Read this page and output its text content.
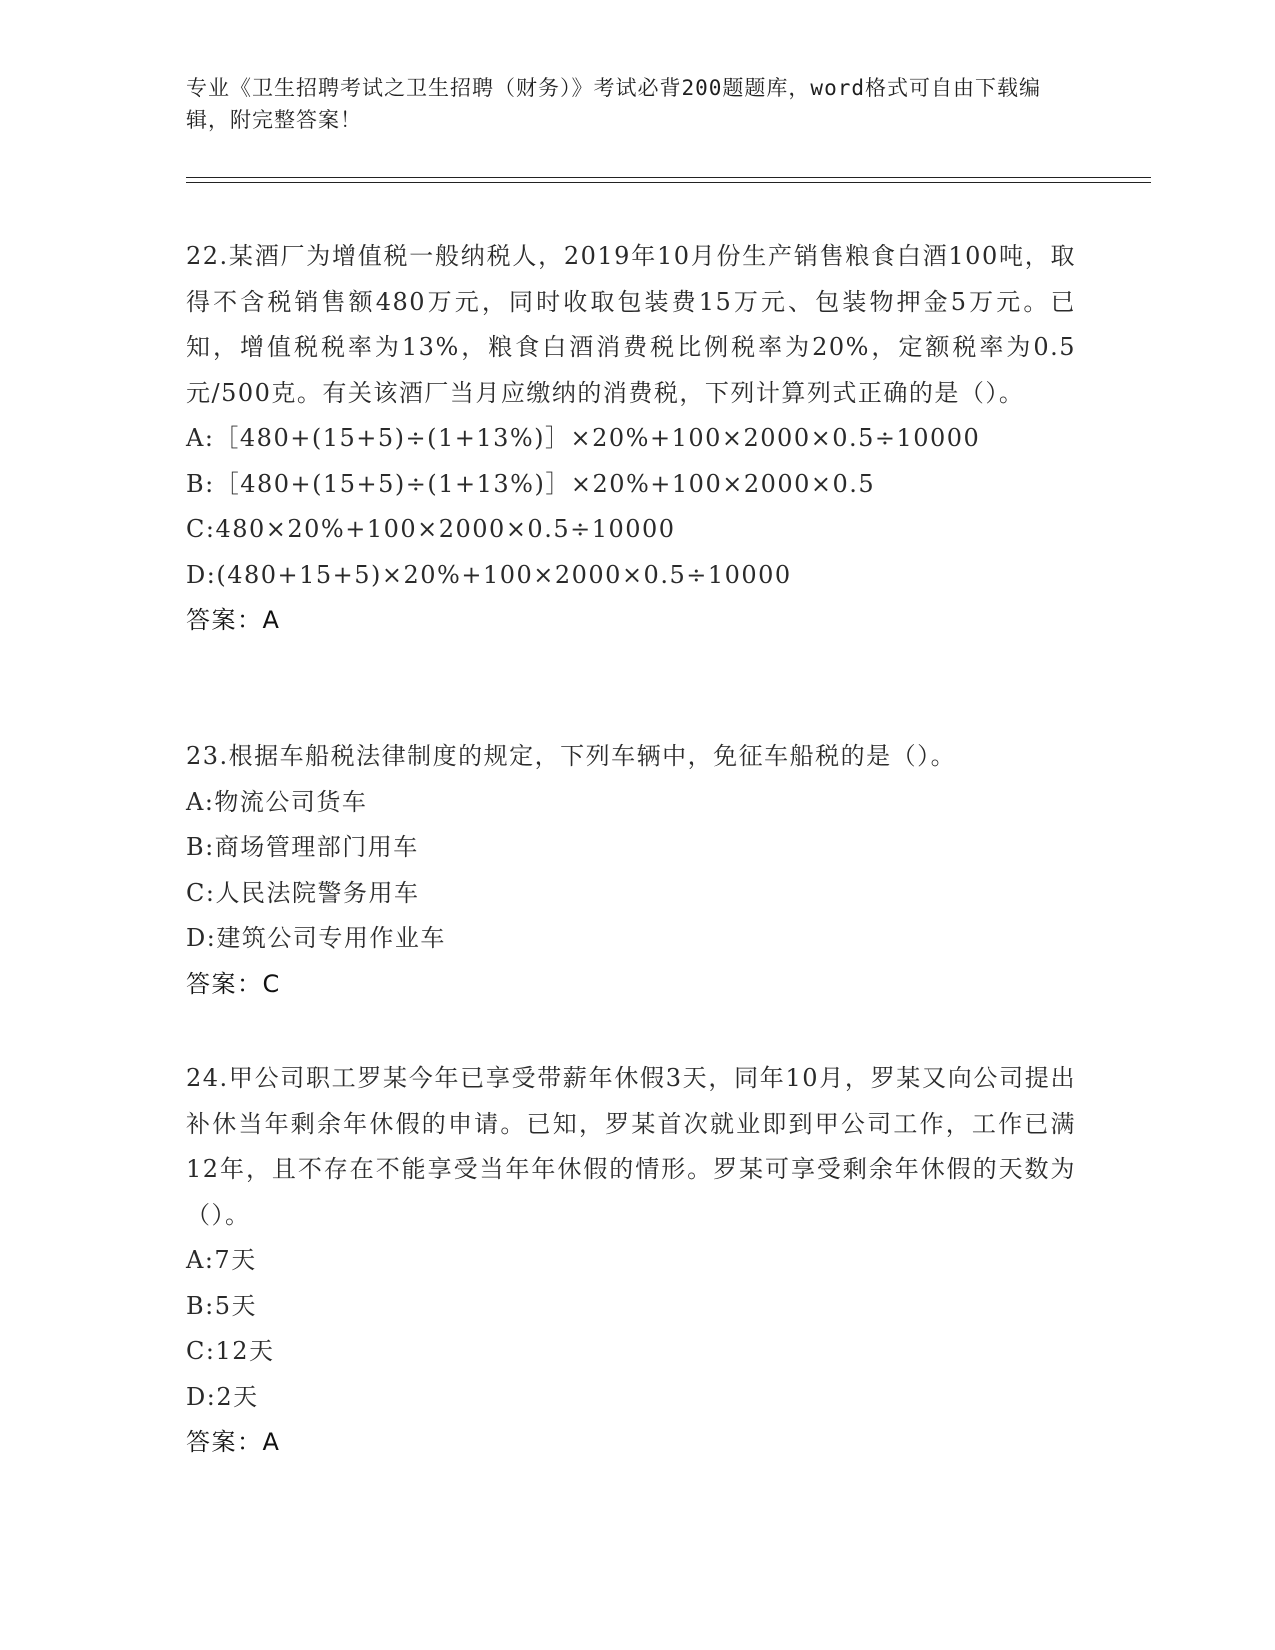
专业《卫生招聘考试之卫生招聘（财务）》考试必背200题题库，word格式可自由下载编辑，附完整答案！

22.某酒厂为增值税一般纳税人，2019年10月份生产销售粮食白酒100吨，取得不含税销售额480万元，同时收取包装费15万元、包装物押金5万元。已知，增值税税率为13%，粮食白酒消费税比例税率为20%，定额税率为0.5元/500克。有关该酒厂当月应缴纳的消费税，下列计算列式正确的是（）。

A:［480+(15+5)÷(1+13%)］×20%+100×2000×0.5÷10000

B:［480+(15+5)÷(1+13%)］×20%+100×2000×0.5

C:480×20%+100×2000×0.5÷10000

D:(480+15+5)×20%+100×2000×0.5÷10000

答案：A

23.根据车船税法律制度的规定，下列车辆中，免征车船税的是（）。

A:物流公司货车

B:商场管理部门用车

C:人民法院警务用车

D:建筑公司专用作业车

答案：C

24.甲公司职工罗某今年已享受带薪年休假3天，同年10月，罗某又向公司提出补休当年剩余年休假的申请。已知，罗某首次就业即到甲公司工作，工作已满12年，且不存在不能享受当年年休假的情形。罗某可享受剩余年休假的天数为（）。

A:7天

B:5天

C:12天

D:2天

答案：A
